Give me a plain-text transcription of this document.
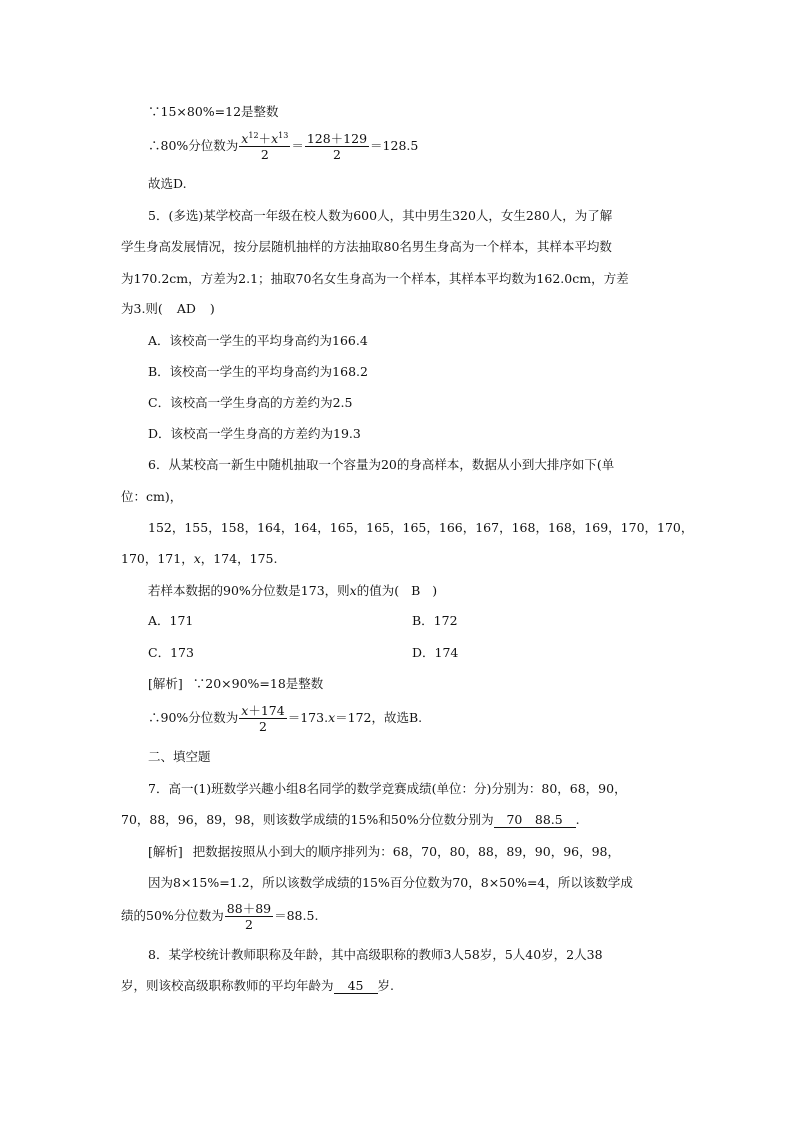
∵15×80%=12是整数
∴80%分位数为 $\frac{x^{12}+x^{13}}{2} = \frac{128+129}{2} =128.5$
故选D.
5．(多选)某学校高一年级在校人数为600人，其中男生320人，女生280人，为了解
学生身高发展情况，按分层随机抽样的方法抽取80名男生身高为一个样本，其样本平均数
为170.2cm，方差为2.1；抽取70名女生身高为一个样本，其样本平均数为162.0cm，方差
为3.则( AD )
A．该校高一学生的平均身高约为166.4
B．该校高一学生的平均身高约为168.2
C．该校高一学生身高的方差约为2.5
D．该校高一学生身高的方差约为19.3
6．从某校高一新生中随机抽取一个容量为20的身高样本，数据从小到大排序如下(单
位：cm)，
152，155，158，164，164，165，165，165，166，167，168，168，169，170，170，
170，171，x，174，175.
若样本数据的90%分位数是173，则x的值为( B )
A．171	B．172
C．173	D．174
[解析] ∵20×90%=18是整数
∴90%分位数为 $\frac{x+174}{2} =173.x=172$，故选B.
二、填空题
7．高一(1)班数学兴趣小组8名同学的数学竞赛成绩(单位：分)分别为：80，68，90，
70，88，96，89，98，则该数学成绩的15%和50%分位数分别为 70　88.5 .
[解析] 把数据按照从小到大的顺序排列为：68，70，80，88，89，90，96，98，
因为8×15%=1.2，所以该数学成绩的15%百分位数为70，8×50%=4，所以该数学成
绩的50%分位数为 $\frac{88+89}{2} =88.5$.
8．某学校统计教师职称及年龄，其中高级职称的教师3人58岁，5人40岁，2人38
岁，则该校高级职称教师的平均年龄为 45 岁.
